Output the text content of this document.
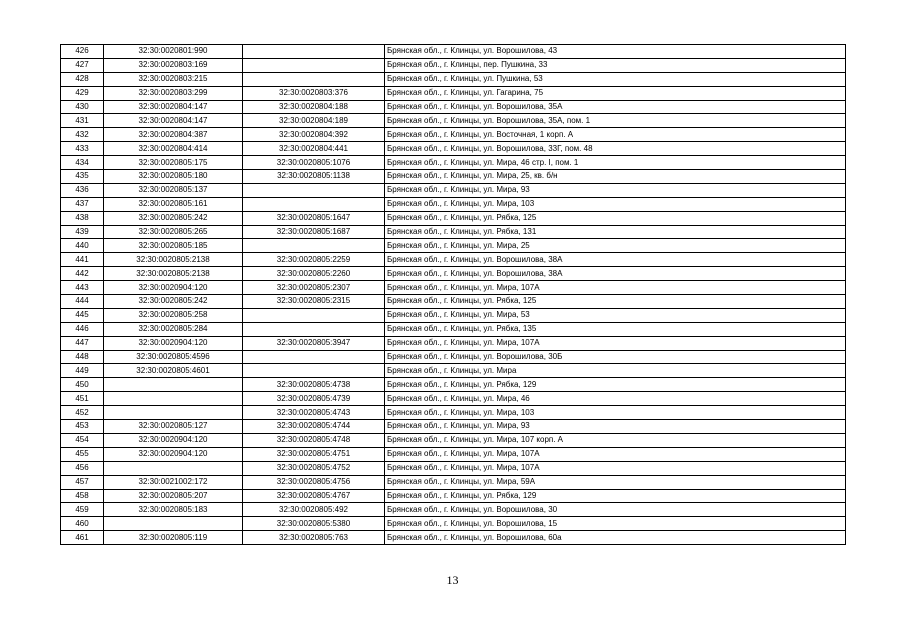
426	32:30:0020801:990		Брянская обл., г. Клинцы, ул. Ворошилова, 43
427	32:30:0020803:169		Брянская обл., г. Клинцы, пер. Пушкина, 33
428	32:30:0020803:215		Брянская обл., г. Клинцы, ул. Пушкина, 53
429	32:30:0020803:299	32:30:0020803:376	Брянская обл., г. Клинцы, ул. Гагарина, 75
430	32:30:0020804:147	32:30:0020804:188	Брянская обл., г. Клинцы, ул. Ворошилова, 35А
431	32:30:0020804:147	32:30:0020804:189	Брянская обл., г. Клинцы, ул. Ворошилова, 35А, пом. 1
432	32:30:0020804:387	32:30:0020804:392	Брянская обл., г. Клинцы, ул. Восточная, 1 корп. А
433	32:30:0020804:414	32:30:0020804:441	Брянская обл., г. Клинцы, ул. Ворошилова, 33Г, пом. 48
434	32:30:0020805:175	32:30:0020805:1076	Брянская обл., г. Клинцы, ул. Мира, 46 стр. I, пом. 1
435	32:30:0020805:180	32:30:0020805:1138	Брянская обл., г. Клинцы, ул. Мира, 25, кв. б/н
436	32:30:0020805:137		Брянская обл., г. Клинцы, ул. Мира, 93
437	32:30:0020805:161		Брянская обл., г. Клинцы, ул. Мира, 103
438	32:30:0020805:242	32:30:0020805:1647	Брянская обл., г. Клинцы, ул. Рябка, 125
439	32:30:0020805:265	32:30:0020805:1687	Брянская обл., г. Клинцы, ул. Рябка, 131
440	32:30:0020805:185		Брянская обл., г. Клинцы, ул. Мира, 25
441	32:30:0020805:2138	32:30:0020805:2259	Брянская обл., г. Клинцы, ул. Ворошилова, 38А
442	32:30:0020805:2138	32:30:0020805:2260	Брянская обл., г. Клинцы, ул. Ворошилова, 38А
443	32:30:0020904:120	32:30:0020805:2307	Брянская обл., г. Клинцы, ул. Мира, 107А
444	32:30:0020805:242	32:30:0020805:2315	Брянская обл., г. Клинцы, ул. Рябка, 125
445	32:30:0020805:258		Брянская обл., г. Клинцы, ул. Мира, 53
446	32:30:0020805:284		Брянская обл., г. Клинцы, ул. Рябка, 135
447	32:30:0020904:120	32:30:0020805:3947	Брянская обл., г. Клинцы, ул. Мира, 107А
448	32:30:0020805:4596		Брянская обл., г. Клинцы, ул. Ворошилова, 30Б
449	32:30:0020805:4601		Брянская обл., г. Клинцы, ул. Мира
450		32:30:0020805:4738	Брянская обл., г. Клинцы, ул. Рябка, 129
451		32:30:0020805:4739	Брянская обл., г. Клинцы, ул. Мира, 46
452		32:30:0020805:4743	Брянская обл., г. Клинцы, ул. Мира, 103
453	32:30:0020805:127	32:30:0020805:4744	Брянская обл., г. Клинцы, ул. Мира, 93
454	32:30:0020904:120	32:30:0020805:4748	Брянская обл., г. Клинцы, ул. Мира, 107 корп. А
455	32:30:0020904:120	32:30:0020805:4751	Брянская обл., г. Клинцы, ул. Мира, 107А
456		32:30:0020805:4752	Брянская обл., г. Клинцы, ул. Мира, 107А
457	32:30:0021002:172	32:30:0020805:4756	Брянская обл., г. Клинцы, ул. Мира, 59А
458	32:30:0020805:207	32:30:0020805:4767	Брянская обл., г. Клинцы, ул. Рябка, 129
459	32:30:0020805:183	32:30:0020805:492	Брянская обл., г. Клинцы, ул. Ворошилова, 30
460		32:30:0020805:5380	Брянская обл., г. Клинцы, ул. Ворошилова, 15
461	32:30:0020805:119	32:30:0020805:763	Брянская обл., г. Клинцы, ул. Ворошилова, 60а
13
